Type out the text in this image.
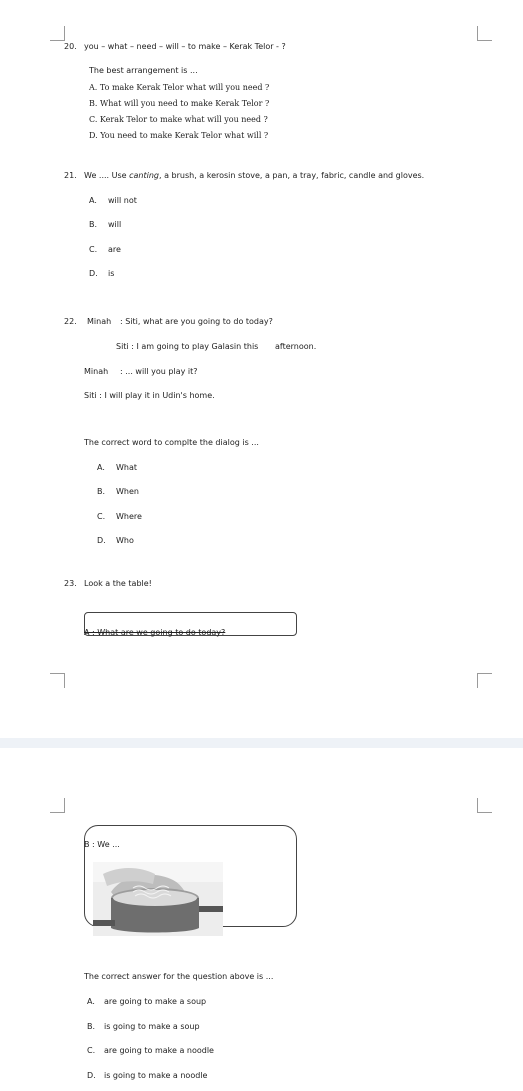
20. you – what – need – will – to make – Kerak Telor - ?
The best arrangement is ...
A. To make Kerak Telor what will you need ?
B. What will you need to make Kerak Telor ?
C. Kerak Telor to make what will you need ?
D. You need to make Kerak Telor what will ?
21. We .... Use canting, a brush, a kerosin stove, a pan, a tray, fabric, candle and gloves.
A. will not
B. will
C. are
D. is
22. Minah : Siti, what are you going to do today?
Siti : I am going to play Galasin this afternoon.
Minah : ... will you play it?
Siti : I will play it in Udin's home.
The correct word to complte the dialog is ...
A. What
B. When
C. Where
D. Who
23. Look a the table!
A : What are we going to do today?
B : We ...
The correct answer for the question above is ...
A. are going to make a soup
B. is going to make a soup
C. are going to make a noodle
D. is going to make a noodle
